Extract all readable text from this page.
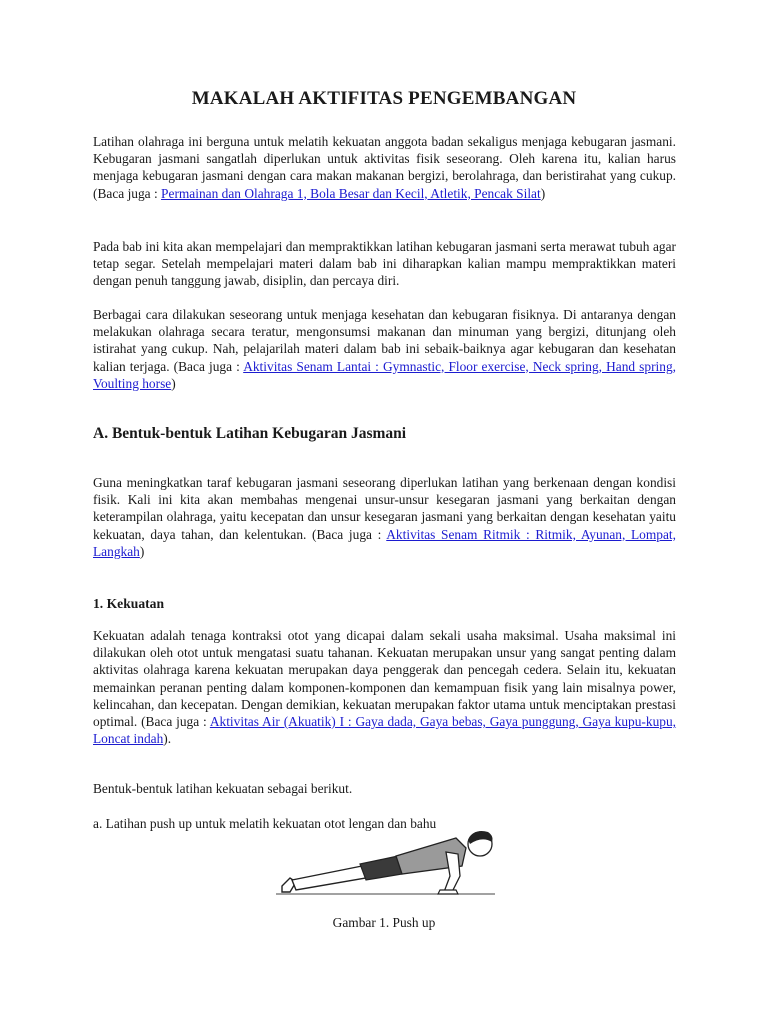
MAKALAH AKTIFITAS PENGEMBANGAN
Latihan olahraga ini berguna untuk melatih kekuatan anggota badan sekaligus menjaga kebugaran jasmani. Kebugaran jasmani sangatlah diperlukan untuk aktivitas fisik seseorang. Oleh karena itu, kalian harus menjaga kebugaran jasmani dengan cara makan makanan bergizi, berolahraga, dan beristirahat yang cukup. (Baca juga : Permainan dan Olahraga 1, Bola Besar dan Kecil, Atletik, Pencak Silat)
Pada bab ini kita akan mempelajari dan mempraktikkan latihan kebugaran jasmani serta merawat tubuh agar tetap segar. Setelah mempelajari materi dalam bab ini diharapkan kalian mampu mempraktikkan materi dengan penuh tanggung jawab, disiplin, dan percaya diri.
Berbagai cara dilakukan seseorang untuk menjaga kesehatan dan kebugaran fisiknya. Di antaranya dengan melakukan olahraga secara teratur, mengonsumsi makanan dan minuman yang bergizi, ditunjang oleh istirahat yang cukup. Nah, pelajarilah materi dalam bab ini sebaik-baiknya agar kebugaran dan kesehatan kalian terjaga. (Baca juga : Aktivitas Senam Lantai : Gymnastic, Floor exercise, Neck spring, Hand spring, Voulting horse)
A. Bentuk-bentuk Latihan Kebugaran Jasmani
Guna meningkatkan taraf kebugaran jasmani seseorang diperlukan latihan yang berkenaan dengan kondisi fisik. Kali ini kita akan membahas mengenai unsur-unsur kesegaran jasmani yang berkaitan dengan keterampilan olahraga, yaitu kecepatan dan unsur kesegaran jasmani yang berkaitan dengan kesehatan yaitu kekuatan, daya tahan, dan kelentukan. (Baca juga : Aktivitas Senam Ritmik : Ritmik, Ayunan, Lompat, Langkah)
1. Kekuatan
Kekuatan adalah tenaga kontraksi otot yang dicapai dalam sekali usaha maksimal. Usaha maksimal ini dilakukan oleh otot untuk mengatasi suatu tahanan. Kekuatan merupakan unsur yang sangat penting dalam aktivitas olahraga karena kekuatan merupakan daya penggerak dan pencegah cedera. Selain itu, kekuatan memainkan peranan penting dalam komponen-komponen dan kemampuan fisik yang lain misalnya power, kelincahan, dan kecepatan. Dengan demikian, kekuatan merupakan faktor utama untuk menciptakan prestasi optimal. (Baca juga : Aktivitas Air (Akuatik) I : Gaya dada, Gaya bebas, Gaya punggung, Gaya kupu-kupu, Loncat indah).
Bentuk-bentuk latihan kekuatan sebagai berikut.
a. Latihan push up untuk melatih kekuatan otot lengan dan bahu
Gambar 1. Push up
